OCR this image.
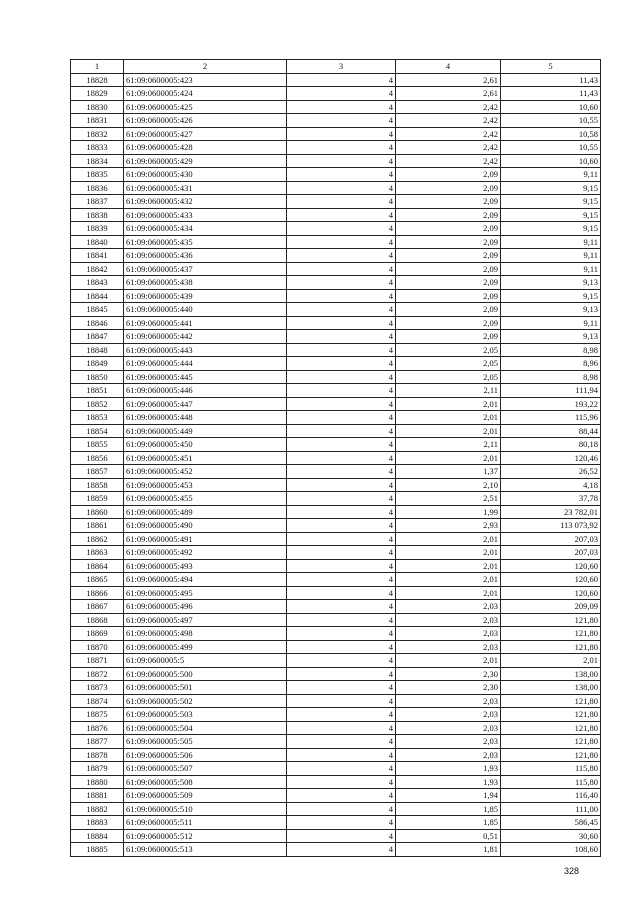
1	2	3	4	5
18828	61:09:0600005:423	4	2,61	11,43
18829	61:09:0600005:424	4	2,61	11,43
18830	61:09:0600005:425	4	2,42	10,60
18831	61:09:0600005:426	4	2,42	10,55
18832	61:09:0600005:427	4	2,42	10,58
18833	61:09:0600005:428	4	2,42	10,55
18834	61:09:0600005:429	4	2,42	10,60
18835	61:09:0600005:430	4	2,09	9,11
18836	61:09:0600005:431	4	2,09	9,15
18837	61:09:0600005:432	4	2,09	9,15
18838	61:09:0600005:433	4	2,09	9,15
18839	61:09:0600005:434	4	2,09	9,15
18840	61:09:0600005:435	4	2,09	9,11
18841	61:09:0600005:436	4	2,09	9,11
18842	61:09:0600005:437	4	2,09	9,11
18843	61:09:0600005:438	4	2,09	9,13
18844	61:09:0600005:439	4	2,09	9,15
18845	61:09:0600005:440	4	2,09	9,13
18846	61:09:0600005:441	4	2,09	9,11
18847	61:09:0600005:442	4	2,09	9,13
18848	61:09:0600005:443	4	2,05	8,98
18849	61:09:0600005:444	4	2,05	8,96
18850	61:09:0600005:445	4	2,05	8,98
18851	61:09:0600005:446	4	2,11	111,94
18852	61:09:0600005:447	4	2,01	193,22
18853	61:09:0600005:448	4	2,01	115,96
18854	61:09:0600005:449	4	2,01	88,44
18855	61:09:0600005:450	4	2,11	80,18
18856	61:09:0600005:451	4	2,01	120,46
18857	61:09:0600005:452	4	1,37	26,52
18858	61:09:0600005:453	4	2,10	4,18
18859	61:09:0600005:455	4	2,51	37,78
18860	61:09:0600005:489	4	1,99	23 782,01
18861	61:09:0600005:490	4	2,93	113 073,92
18862	61:09:0600005:491	4	2,01	207,03
18863	61:09:0600005:492	4	2,01	207,03
18864	61:09:0600005:493	4	2,01	120,60
18865	61:09:0600005:494	4	2,01	120,60
18866	61:09:0600005:495	4	2,01	120,60
18867	61:09:0600005:496	4	2,03	209,09
18868	61:09:0600005:497	4	2,03	121,80
18869	61:09:0600005:498	4	2,03	121,80
18870	61:09:0600005:499	4	2,03	121,80
18871	61:09:0600005:5	4	2,01	2,01
18872	61:09:0600005:500	4	2,30	138,00
18873	61:09:0600005:501	4	2,30	138,00
18874	61:09:0600005:502	4	2,03	121,80
18875	61:09:0600005:503	4	2,03	121,80
18876	61:09:0600005:504	4	2,03	121,80
18877	61:09:0600005:505	4	2,03	121,80
18878	61:09:0600005:506	4	2,03	121,80
18879	61:09:0600005:507	4	1,93	115,80
18880	61:09:0600005:508	4	1,93	115,80
18881	61:09:0600005:509	4	1,94	116,40
18882	61:09:0600005:510	4	1,85	111,00
18883	61:09:0600005:511	4	1,85	586,45
18884	61:09:0600005:512	4	0,51	30,60
18885	61:09:0600005:513	4	1,81	108,60
328
